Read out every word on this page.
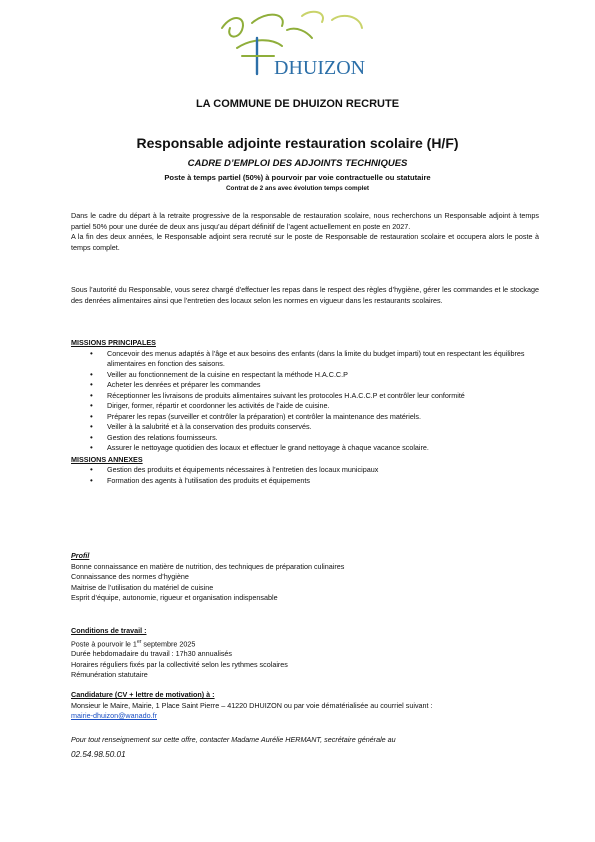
DHUIZON
LA COMMUNE DE DHUIZON RECRUTE
Responsable adjointe restauration scolaire (H/F)
CADRE D’EMPLOI DES ADJOINTS TECHNIQUES
Poste à temps partiel (50%) à pourvoir par voie contractuelle ou statutaire
Contrat de 2 ans avec évolution temps complet

Dans le cadre du départ à la retraite progressive de la responsable de restauration scolaire, nous recherchons un Responsable adjoint à temps partiel 50% pour une durée de deux ans jusqu’au départ définitif de l’agent actuellement en poste en 2027.

A la fin des deux années, le Responsable adjoint sera recruté sur le poste de Responsable de restauration scolaire et occupera alors le poste à temps complet.

Sous l’autorité du Responsable, vous serez chargé d’effectuer les repas dans le respect des règles d’hygiène, gérer les commandes et le stockage des denrées alimentaires ainsi que l’entretien des locaux selon les normes en vigueur dans les restaurants scolaires.

MISSIONS PRINCIPALES
• Concevoir des menus adaptés à l’âge et aux besoins des enfants (dans la limite du budget imparti) tout en respectant les équilibres alimentaires en fonction des saisons.
• Veiller au fonctionnement de la cuisine en respectant la méthode H.A.C.C.P
• Acheter les denrées et préparer les commandes
• Réceptionner les livraisons de produits alimentaires suivant les protocoles H.A.C.C.P et contrôler leur conformité
• Diriger, former, répartir et coordonner les activités de l’aide de cuisine.
• Préparer les repas (surveiller et contrôler la préparation) et contrôler la maintenance des matériels.
• Veiller à la salubrité et à la conservation des produits conservés.
• Gestion des relations fournisseurs.
• Assurer le nettoyage quotidien des locaux et effectuer le grand nettoyage à chaque vacance scolaire.
MISSIONS ANNEXES
• Gestion des produits et équipements nécessaires à l’entretien des locaux municipaux
• Formation des agents à l’utilisation des produits et équipements
Profil
Bonne connaissance en matière de nutrition, des techniques de préparation culinaires
Connaissance des normes d’hygiène
Maitrise de l’utilisation du matériel de cuisine
Esprit d’équipe, autonomie, rigueur et organisation indispensable
Conditions de travail :
Poste à pourvoir le 1er septembre 2025
Durée hebdomadaire du travail : 17h30 annualisés
Horaires réguliers fixés par la collectivité selon les rythmes scolaires
Rémunération statutaire
Candidature (CV + lettre de motivation) à :
Monsieur le Maire, Mairie, 1 Place Saint Pierre – 41220 DHUIZON ou par voie dématérialisée au courriel suivant :
mairie-dhuizon@wanado.fr
Pour tout renseignement sur cette offre, contacter Madame Aurélie HERMANT, secrétaire générale au
02.54.98.50.01
